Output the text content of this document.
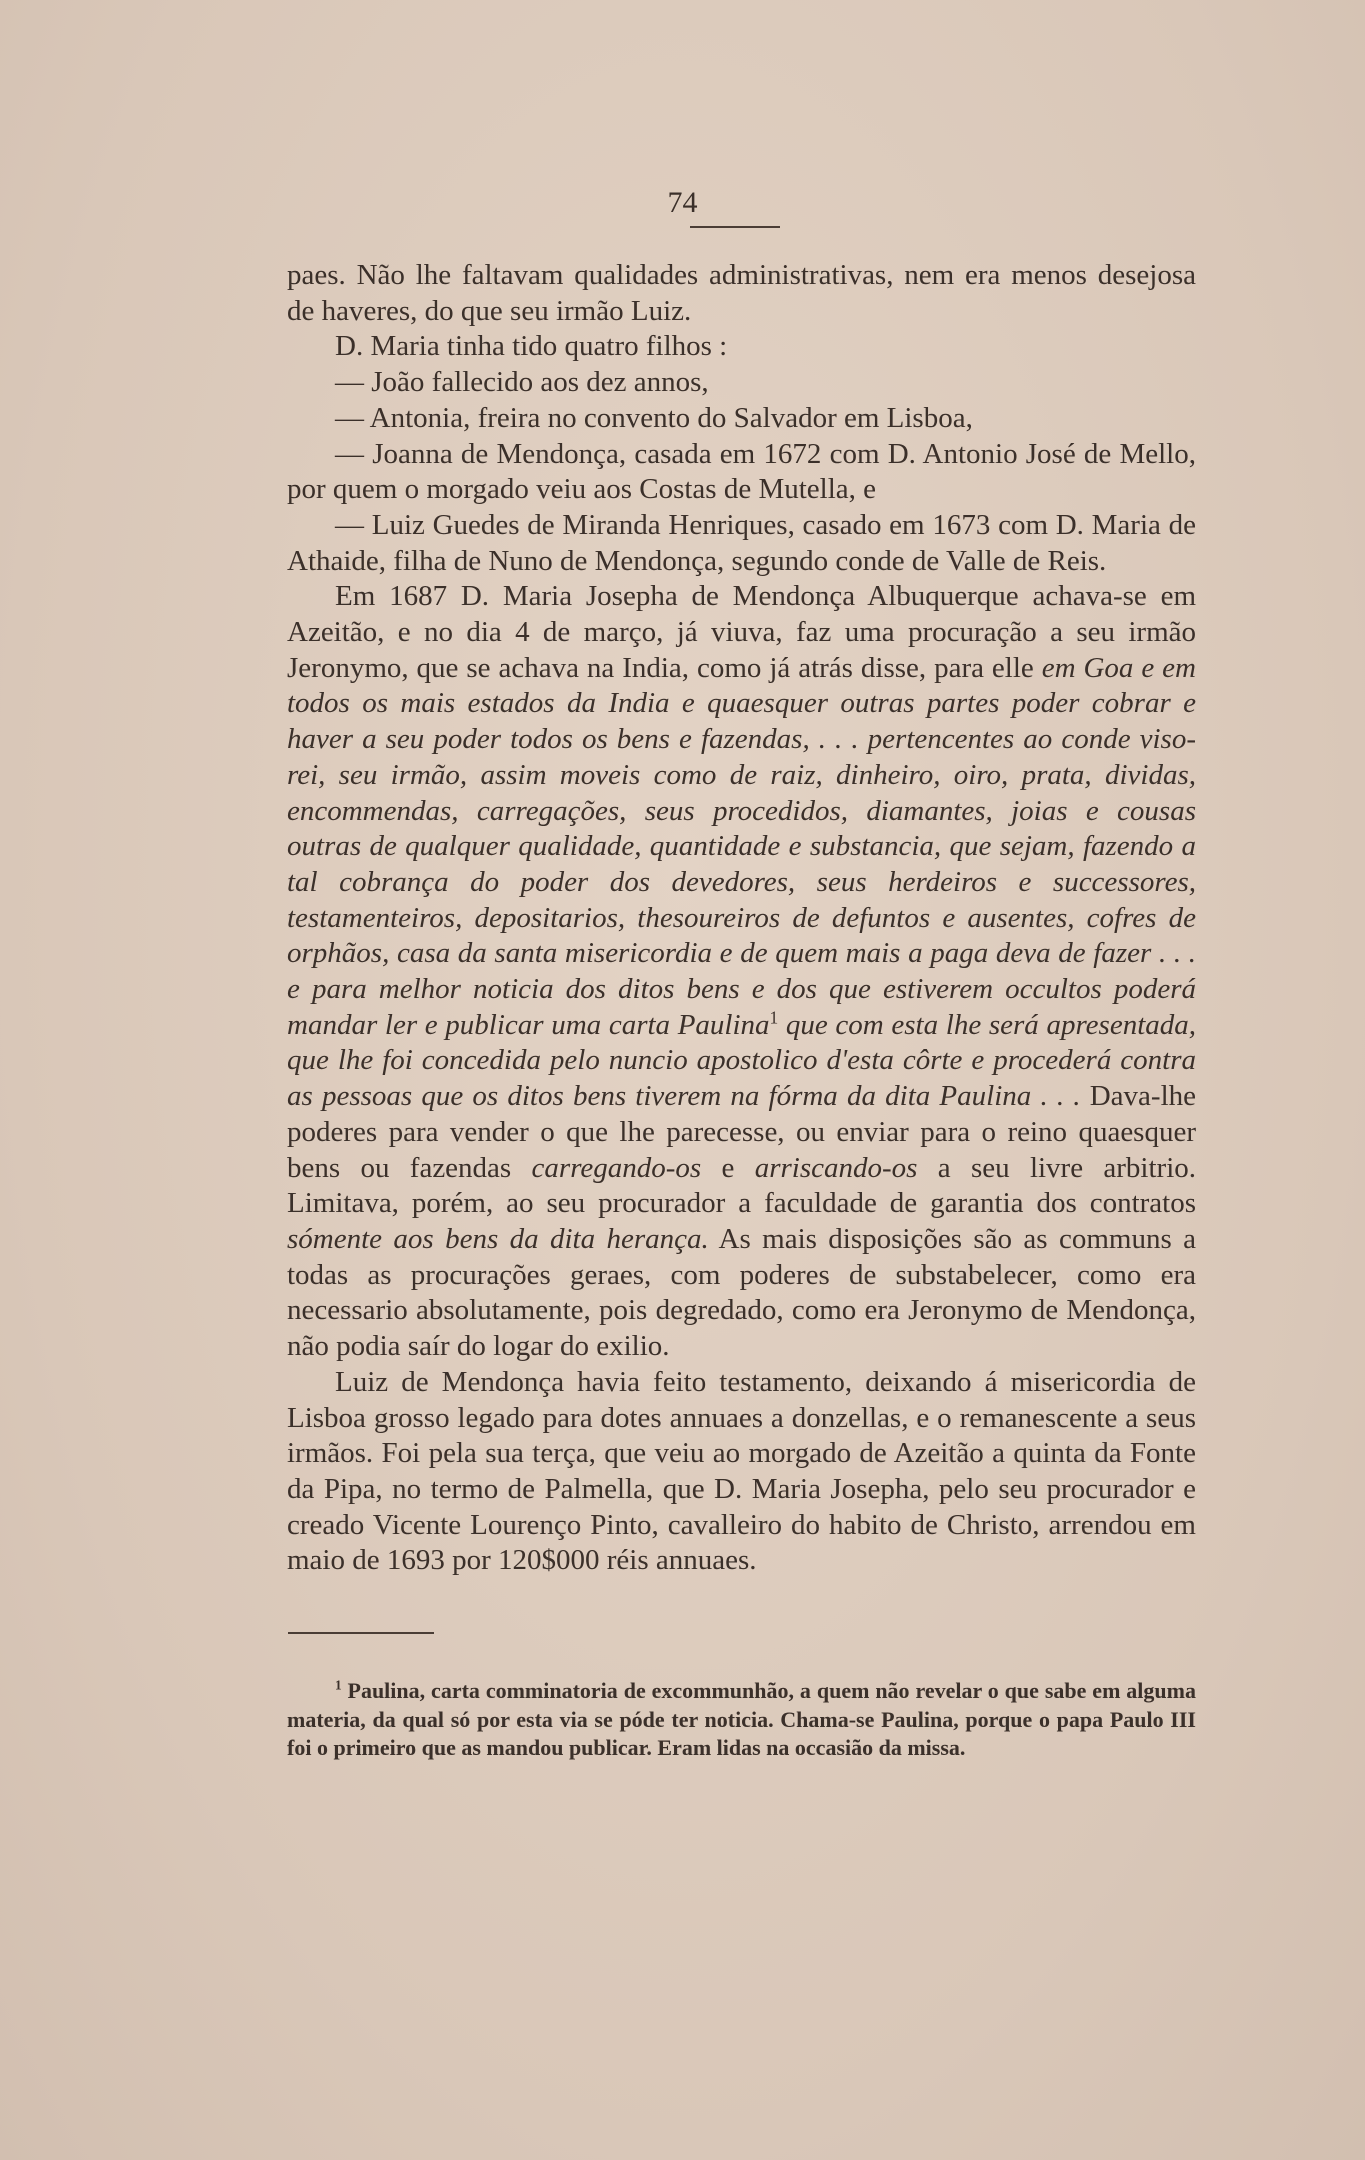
74

paes. Não lhe faltavam qualidades administrativas, nem era menos desejosa de haveres, do que seu irmão Luiz.

D. Maria tinha tido quatro filhos :

— João fallecido aos dez annos,

— Antonia, freira no convento do Salvador em Lisboa,

— Joanna de Mendonça, casada em 1672 com D. Antonio José de Mello, por quem o morgado veiu aos Costas de Mutella, e

— Luiz Guedes de Miranda Henriques, casado em 1673 com D. Maria de Athaide, filha de Nuno de Mendonça, segundo conde de Valle de Reis.

Em 1687 D. Maria Josepha de Mendonça Albuquerque achava-se em Azeitão, e no dia 4 de março, já viuva, faz uma procuração a seu irmão Jeronymo, que se achava na India, como já atrás disse, para elle em Goa e em todos os mais estados da India e quaesquer outras partes poder cobrar e haver a seu poder todos os bens e fazendas, . . . pertencentes ao conde viso-rei, seu irmão, assim moveis como de raiz, dinheiro, oiro, prata, dividas, encommendas, carregações, seus procedidos, diamantes, joias e cousas outras de qualquer qualidade, quantidade e substancia, que sejam, fazendo a tal cobrança do poder dos devedores, seus herdeiros e successores, testamenteiros, depositarios, thesoureiros de defuntos e ausentes, cofres de orphãos, casa da santa misericordia e de quem mais a paga deva de fazer . . . e para melhor noticia dos ditos bens e dos que estiverem occultos poderá mandar ler e publicar uma carta Paulina$^1$ que com esta lhe será apresentada, que lhe foi concedida pelo nuncio apostolico d'esta côrte e procederá contra as pessoas que os ditos bens tiverem na fórma da dita Paulina . . . Dava-lhe poderes para vender o que lhe parecesse, ou enviar para o reino quaesquer bens ou fazendas carregando-os e arriscando-os a seu livre arbitrio. Limitava, porém, ao seu procurador a faculdade de garantia dos contratos sómente aos bens da dita herança. As mais disposições são as communs a todas as procurações geraes, com poderes de substabelecer, como era necessario absolutamente, pois degredado, como era Jeronymo de Mendonça, não podia saír do logar do exilio.

Luiz de Mendonça havia feito testamento, deixando á misericordia de Lisboa grosso legado para dotes annuaes a donzellas, e o remanescente a seus irmãos. Foi pela sua terça, que veiu ao morgado de Azeitão a quinta da Fonte da Pipa, no termo de Palmella, que D. Maria Josepha, pelo seu procurador e creado Vicente Lourenço Pinto, cavalleiro do habito de Christo, arrendou em maio de 1693 por 120$000 réis annuaes.

$^1$ Paulina, carta comminatoria de excommunhão, a quem não revelar o que sabe em alguma materia, da qual só por esta via se póde ter noticia. Chama-se Paulina, porque o papa Paulo III foi o primeiro que as mandou publicar. Eram lidas na occasião da missa.
